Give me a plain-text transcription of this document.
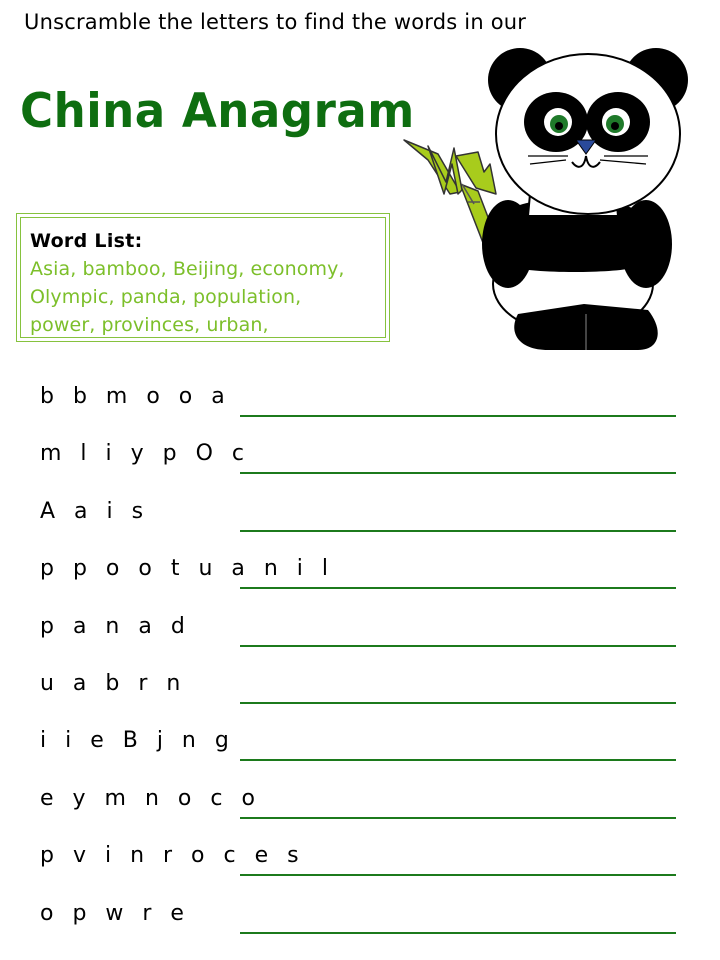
Unscramble the letters to find the words in our
China Anagram
Word List:
Asia, bamboo, Beijing, economy,
Olympic, panda, population,
power, provinces, urban,
b b m o o a
m l i y p O c
A a i s
p p o o t u a n i l
p a n a d
u a b r n
i i e B j n g
e y m n o c o
p v i n r o c e s
o p w r e
